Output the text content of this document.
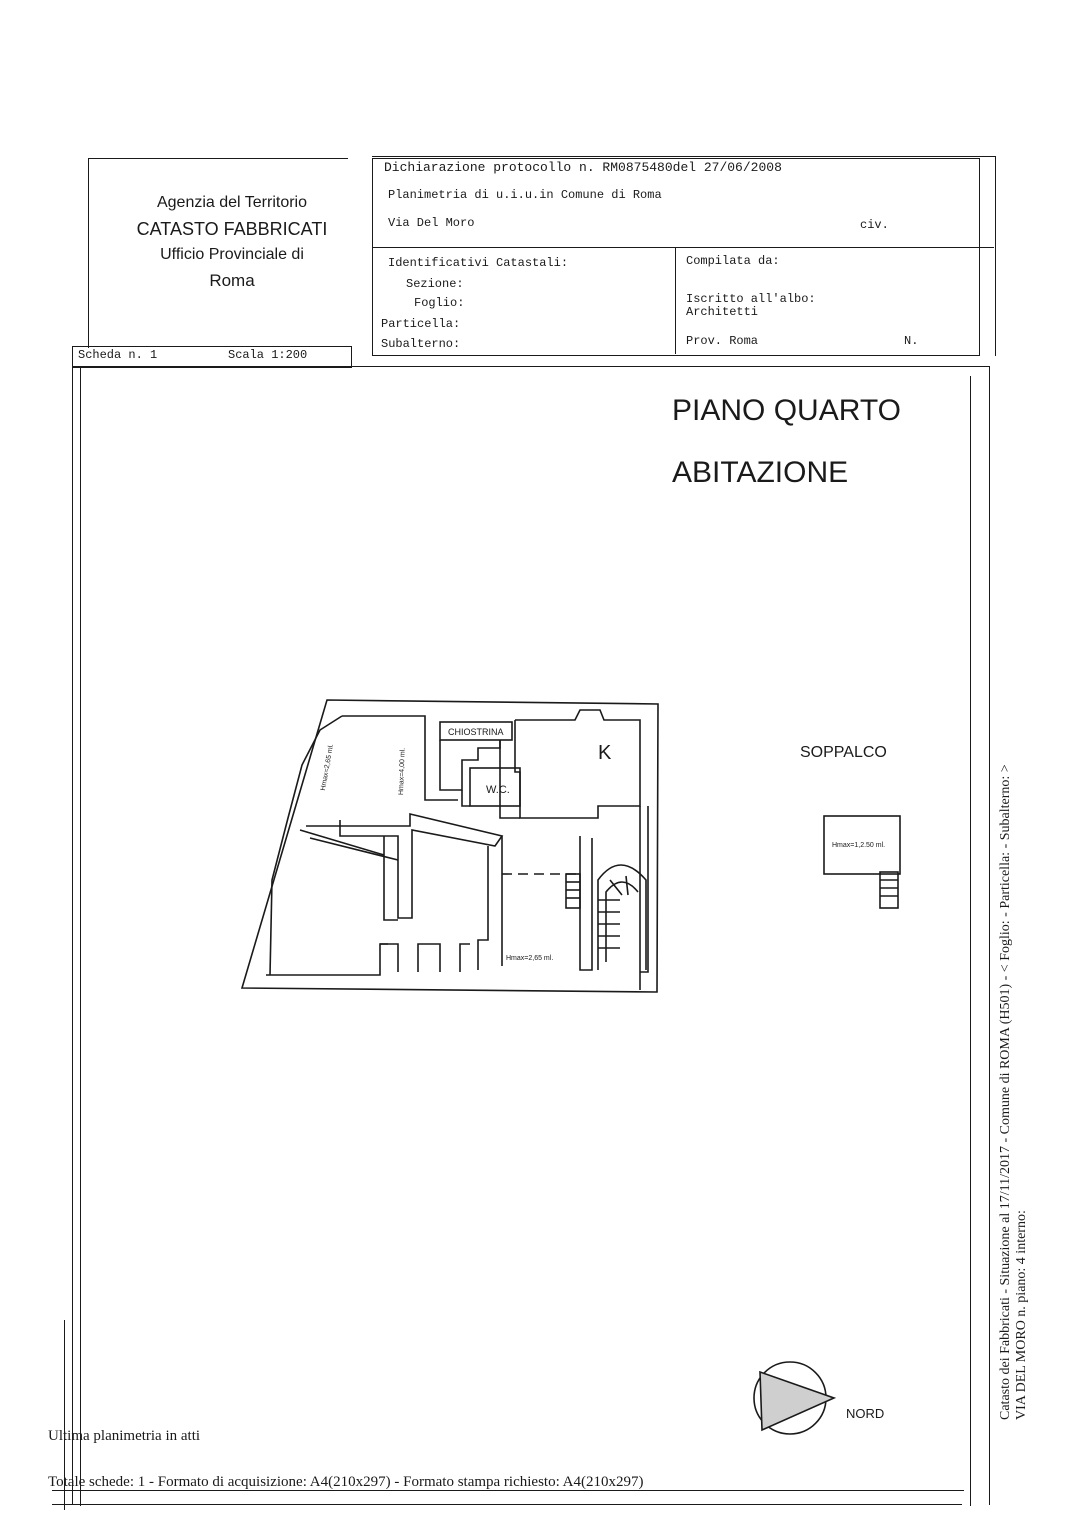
Agenzia del Territorio
CATASTO FABBRICATI
Ufficio Provinciale di
Roma
Dichiarazione protocollo n. RM0875480del 27/06/2008
Planimetria di u.i.u.in Comune di Roma
Via Del Moro	civ.
Identificativi Catastali:
Sezione:
Foglio:
Particella:
Subalterno:
Compilata da:
Iscritto all'albo:
Architetti
Prov. Roma	N.
Scheda n. 1	Scala 1:200
PIANO QUARTO
ABITAZIONE
SOPPALCO
CHIOSTRINA
K
W.C.
Hmax=2,65 ml.	Hmax=4,00 ml.
Hmax=2,65 ml.
Hmax=1,2.50 ml.
NORD	Catasto dei Fabbricati - Situazione al 17/11/2017 - Comune di ROMA (H501) - < Foglio: - Particella: - Subalterno: > VIA DEL MORO n. piano: 4 interno:
Ultima planimetria in atti
Totale schede: 1 - Formato di acquisizione: A4(210x297) - Formato stampa richiesto: A4(210x297)
